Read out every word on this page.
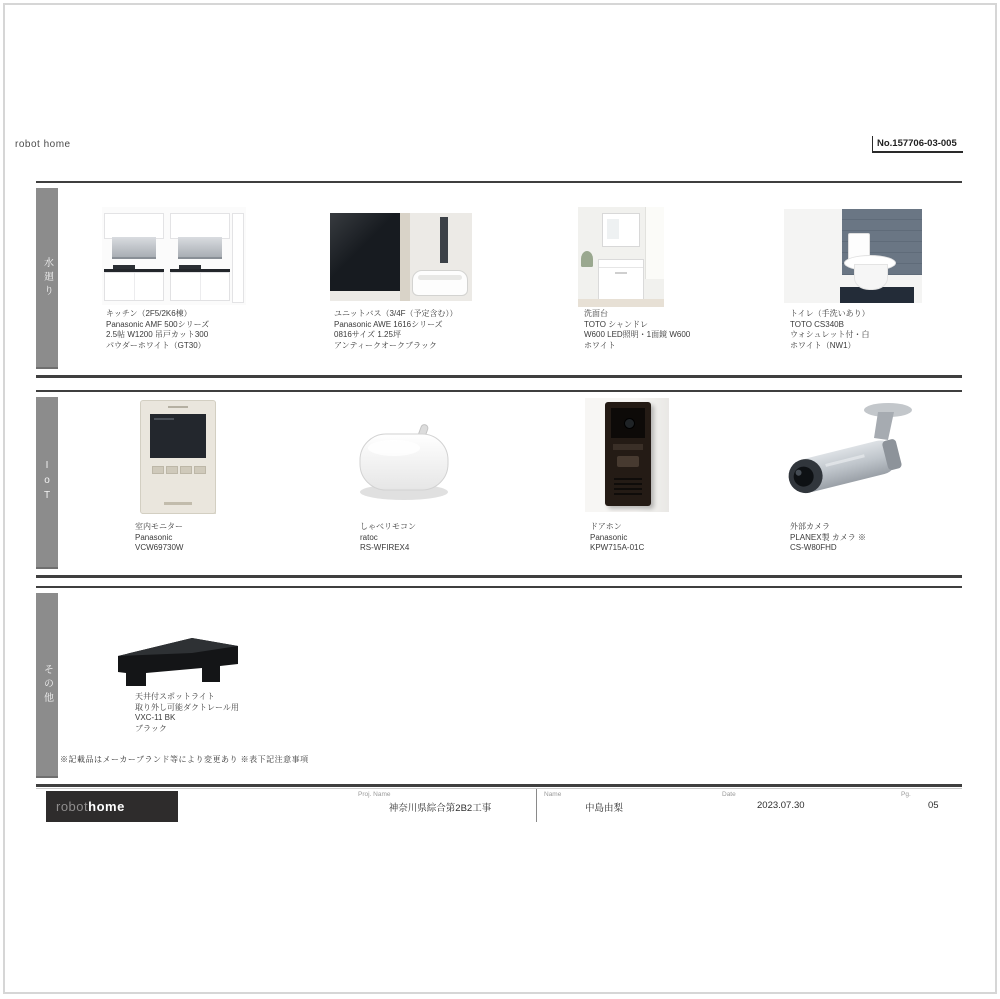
robot home	No.157706-03-005
水廻り
キッチン（2F5/2K6棟）
Panasonic AMF 500シリーズ
2.5帖 W1200 吊戸カット300
パウダーホワイト（GT30）
ユニットバス（3/4F（予定含む））
Panasonic AWE 1616シリーズ
0816サイズ 1.25坪
アンティークオークブラック
洗面台
TOTO シャンドレ
W600 LED照明・1面鏡 W600
ホワイト
トイレ（手洗いあり）
TOTO CS340B
ウォシュレット付・白
ホワイト（NW1）
IoT
室内モニター
Panasonic
VCW69730W
しゃべリモコン
ratoc
RS-WFIREX4
ドアホン
Panasonic
KPW715A-01C
外部カメラ
PLANEX製 カメラ ※
CS-W80FHD
その他	天井付スポットライト
取り外し可能ダクトレール用
VXC-11 BK
ブラック
※記載品はメーカーブランド等により変更あり ※表下記注意事項
robot home
Proj. Name
神奈川県綜合第2B2工事
Name
中島由梨
Date
2023.07.30
Pg.
05
